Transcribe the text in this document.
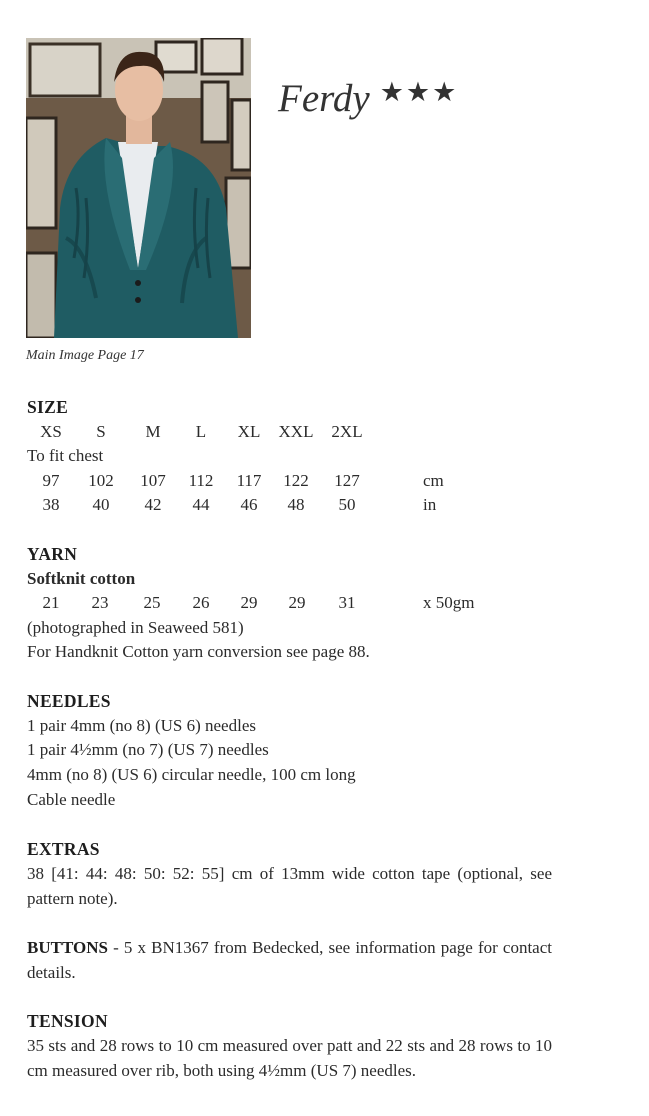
Main Image Page 17
Ferdy ★★★
SIZE
XS S M L XL XXL 2XL
To fit chest
97 102 107 112 117 122 127	cm
38 40 42 44 46 48 50	in
YARN
Softknit cotton
21 23 25 26 29 29 31	x 50gm
(photographed in Seaweed 581)
For Handknit Cotton yarn conversion see page 88.
NEEDLES
1 pair 4mm (no 8) (US 6) needles
1 pair 4½mm (no 7) (US 7) needles
4mm (no 8) (US 6) circular needle, 100 cm long
Cable needle
EXTRAS
38 [41: 44: 48: 50: 52: 55] cm of 13mm wide cotton tape (optional, see pattern note).
BUTTONS - 5 x BN1367 from Bedecked, see information page for contact details.
TENSION
35 sts and 28 rows to 10 cm measured over patt and 22 sts and 28 rows to 10 cm measured over rib, both using 4½mm (US 7) needles.
